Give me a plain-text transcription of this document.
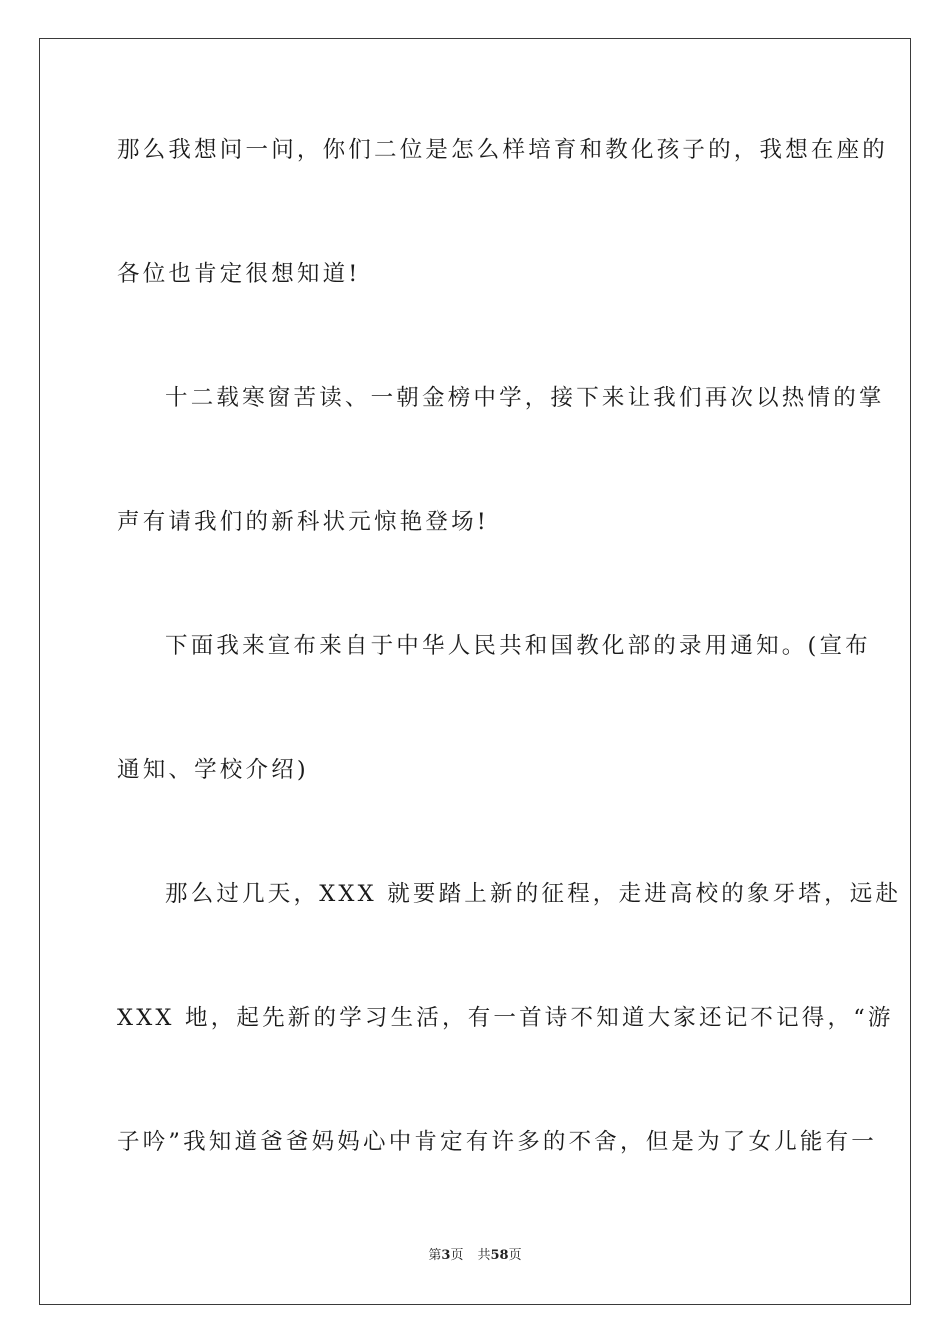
那么我想问一问，你们二位是怎么样培育和教化孩子的，我想在座的
各位也肯定很想知道!
十二载寒窗苦读、一朝金榜中学，接下来让我们再次以热情的掌
声有请我们的新科状元惊艳登场!
下面我来宣布来自于中华人民共和国教化部的录用通知。(宣布
通知、学校介绍)
那么过几天，XXX 就要踏上新的征程，走进高校的象牙塔，远赴
XXX 地，起先新的学习生活，有一首诗不知道大家还记不记得，“游
子吟”我知道爸爸妈妈心中肯定有许多的不舍，但是为了女儿能有一
第3页 共58页
